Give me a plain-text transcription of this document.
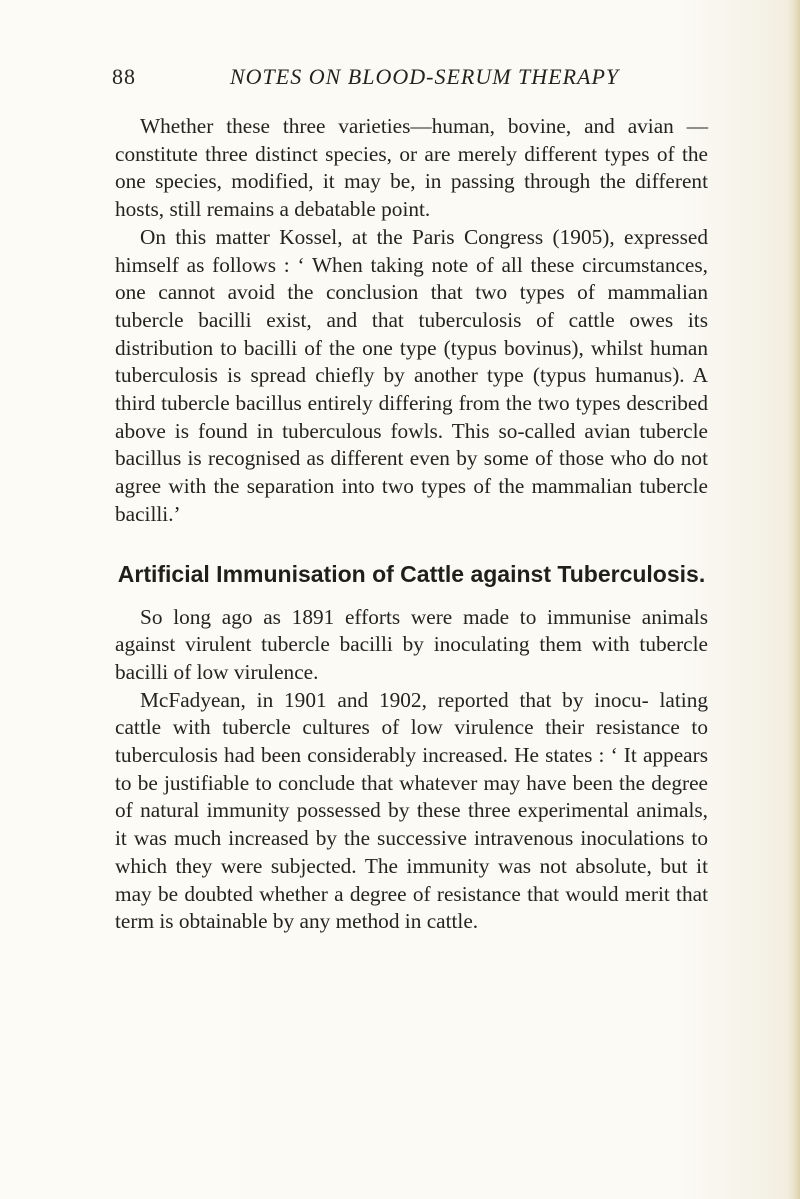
88	NOTES ON BLOOD-SERUM THERAPY

Whether these three varieties—human, bovine, and avian — constitute three distinct species, or are merely different types of the one species, modified, it may be, in passing through the different hosts, still remains a debatable point.

On this matter Kossel, at the Paris Congress (1905), expressed himself as follows : ‘ When taking note of all these circumstances, one cannot avoid the conclusion that two types of mammalian tubercle bacilli exist, and that tuberculosis of cattle owes its distribution to bacilli of the one type (typus bovinus), whilst human tuberculosis is spread chiefly by another type (typus humanus). A third tubercle bacillus entirely differing from the two types described above is found in tuberculous fowls. This so-called avian tubercle bacillus is recognised as different even by some of those who do not agree with the separation into two types of the mammalian tubercle bacilli.’

Artificial Immunisation of Cattle against Tuberculosis.

So long ago as 1891 efforts were made to immunise animals against virulent tubercle bacilli by inoculating them with tubercle bacilli of low virulence.

McFadyean, in 1901 and 1902, reported that by inocu- lating cattle with tubercle cultures of low virulence their resistance to tuberculosis had been considerably increased. He states : ‘ It appears to be justifiable to conclude that whatever may have been the degree of natural immunity possessed by these three experimental animals, it was much increased by the successive intravenous inoculations to which they were subjected. The immunity was not absolute, but it may be doubted whether a degree of resistance that would merit that term is obtainable by any method in cattle.
